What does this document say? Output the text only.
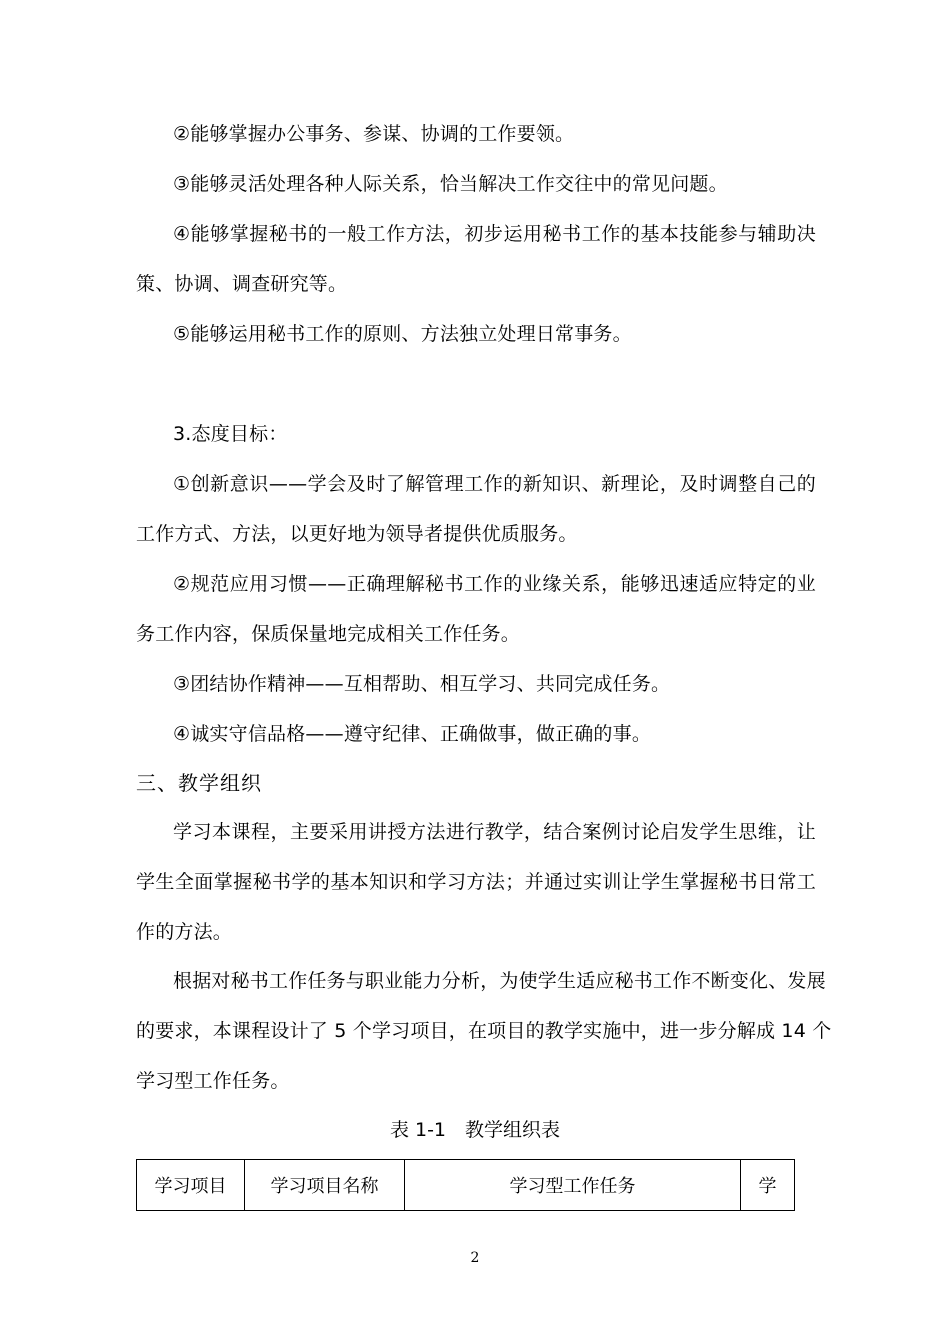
②能够掌握办公事务、参谋、协调的工作要领。
③能够灵活处理各种人际关系，恰当解决工作交往中的常见问题。
④能够掌握秘书的一般工作方法，初步运用秘书工作的基本技能参与辅助决
策、协调、调查研究等。
⑤能够运用秘书工作的原则、方法独立处理日常事务。
3.态度目标：
①创新意识——学会及时了解管理工作的新知识、新理论，及时调整自己的
工作方式、方法，以更好地为领导者提供优质服务。
②规范应用习惯——正确理解秘书工作的业缘关系，能够迅速适应特定的业
务工作内容，保质保量地完成相关工作任务。
③团结协作精神——互相帮助、相互学习、共同完成任务。
④诚实守信品格——遵守纪律、正确做事，做正确的事。
三、教学组织
学习本课程，主要采用讲授方法进行教学，结合案例讨论启发学生思维，让
学生全面掌握秘书学的基本知识和学习方法；并通过实训让学生掌握秘书日常工
作的方法。
根据对秘书工作任务与职业能力分析，为使学生适应秘书工作不断变化、发展
的要求，本课程设计了 5 个学习项目，在项目的教学实施中，进一步分解成 14 个
学习型工作任务。
表 1-1　教学组织表
学习项目	学习项目名称	学习型工作任务	学
2
